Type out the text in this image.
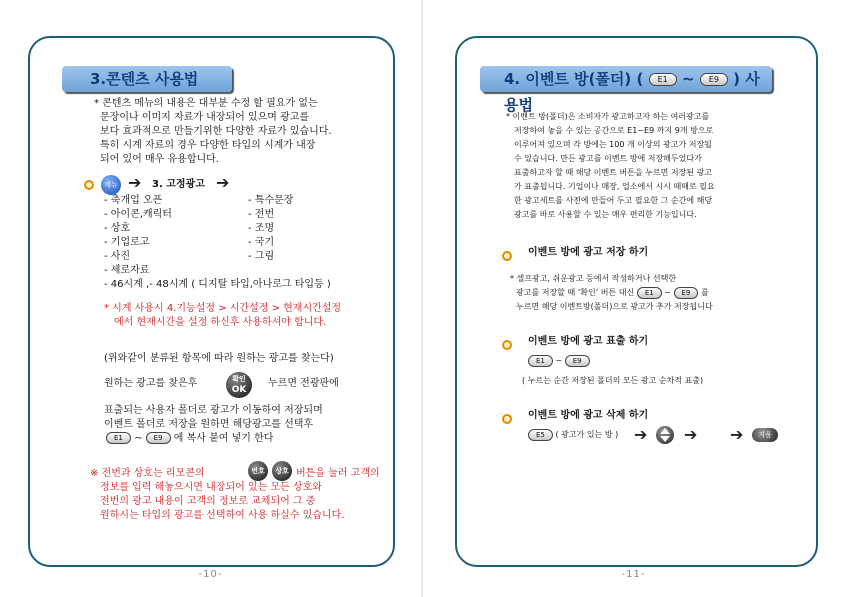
-10-
3.콘텐츠 사용법
* 콘텐츠 메뉴의 내용은 대부분 수정 할 필요가 없는
문장이나 이미지 자료가 내장되어 있으며 광고를
보다 효과적으로 만들기위한 다양한 자료가 있습니다.
특히 시계 자료의 경우 다양한 타입의 시계가 내장
되어 있어 매우 유용합니다.
메뉴 ➔ 3. 고정광고 ➔
- 축개업 오픈
- 아이콘,캐릭터
- 상호
- 기업로고
- 사진
- 세로자료
- 특수문장
- 전번
- 조명
- 국기
- 그림
- 46시계 ,- 48시계 ( 디지탈 타입,아나로그 타입등 )
* 시계 사용시 4.기능설정 > 시간설정 > 현재시간설정
에서 현재시간을 설정 하신후 사용하셔야 합니다.
(위와같이 분류된 항목에 따라 원하는 광고를 찾는다)
원하는 광고를 찾은후	확인
OK
누르면 전광판에
표출되는 사용자 폴더로 광고가 이동하여 저장되며
이벤트 폴더로 저장을 원하면 해당광고를 선택후
E1 ~ E9 에 복사 붙여 넣기 한다
※ 전번과 상호는 리모콘의	번호	상호 버튼을 눌러 고객의
정보를 입력 해놓으시면 내장되어 있는 모든 상호와
전번의 광고 내용이 고객의 정보로 교체되어 그 중
원하시는 타입의 광고를 선택하여 사용 하실수 있습니다.
-11-
4. 이벤트 방(폴더) ( E1 ~ E9 ) 사용법
* 이벤트 방(폴더)은 소비자가 광고하고자 하는 여러광고를
저장하여 놓을 수 있는 공간으로 E1~E9 까지 9개 방으로
이루어져 있으며 각 방에는 100 개 이상의 광고가 저장될
수 있습니다. 만든 광고를 이벤트 방에 저장해두었다가
표출하고자 할 때 해당 이벤트 버튼을 누르면 저장된 광고
가 표출됩니다. 기업이나 매장, 업소에서 시시 때때로 필요
한 광고세트를 사전에 만들어 두고 필요한 그 순간에 해당
광고를 바로 사용할 수 있는 매우 편리한 기능입니다.
이벤트 방에 광고 저장 하기
* 셀프광고, 쉬운광고 등에서 작성하거나 선택한
광고를 저장할 때 ‘확인’ 버튼 대신 E1 ~ E9 를
누르면 해당 이벤트방(폴더)으로 광고가 추가 저장됩니다
이벤트 방에 광고 표출 하기
E1 ~ E9
( 누르는 순간 저장된 폴더의 모든 광고 순차적 표출)
이벤트 방에 광고 삭제 하기
E5 ( 광고가 있는 방 ) ➔ ➔ ➔	지움
